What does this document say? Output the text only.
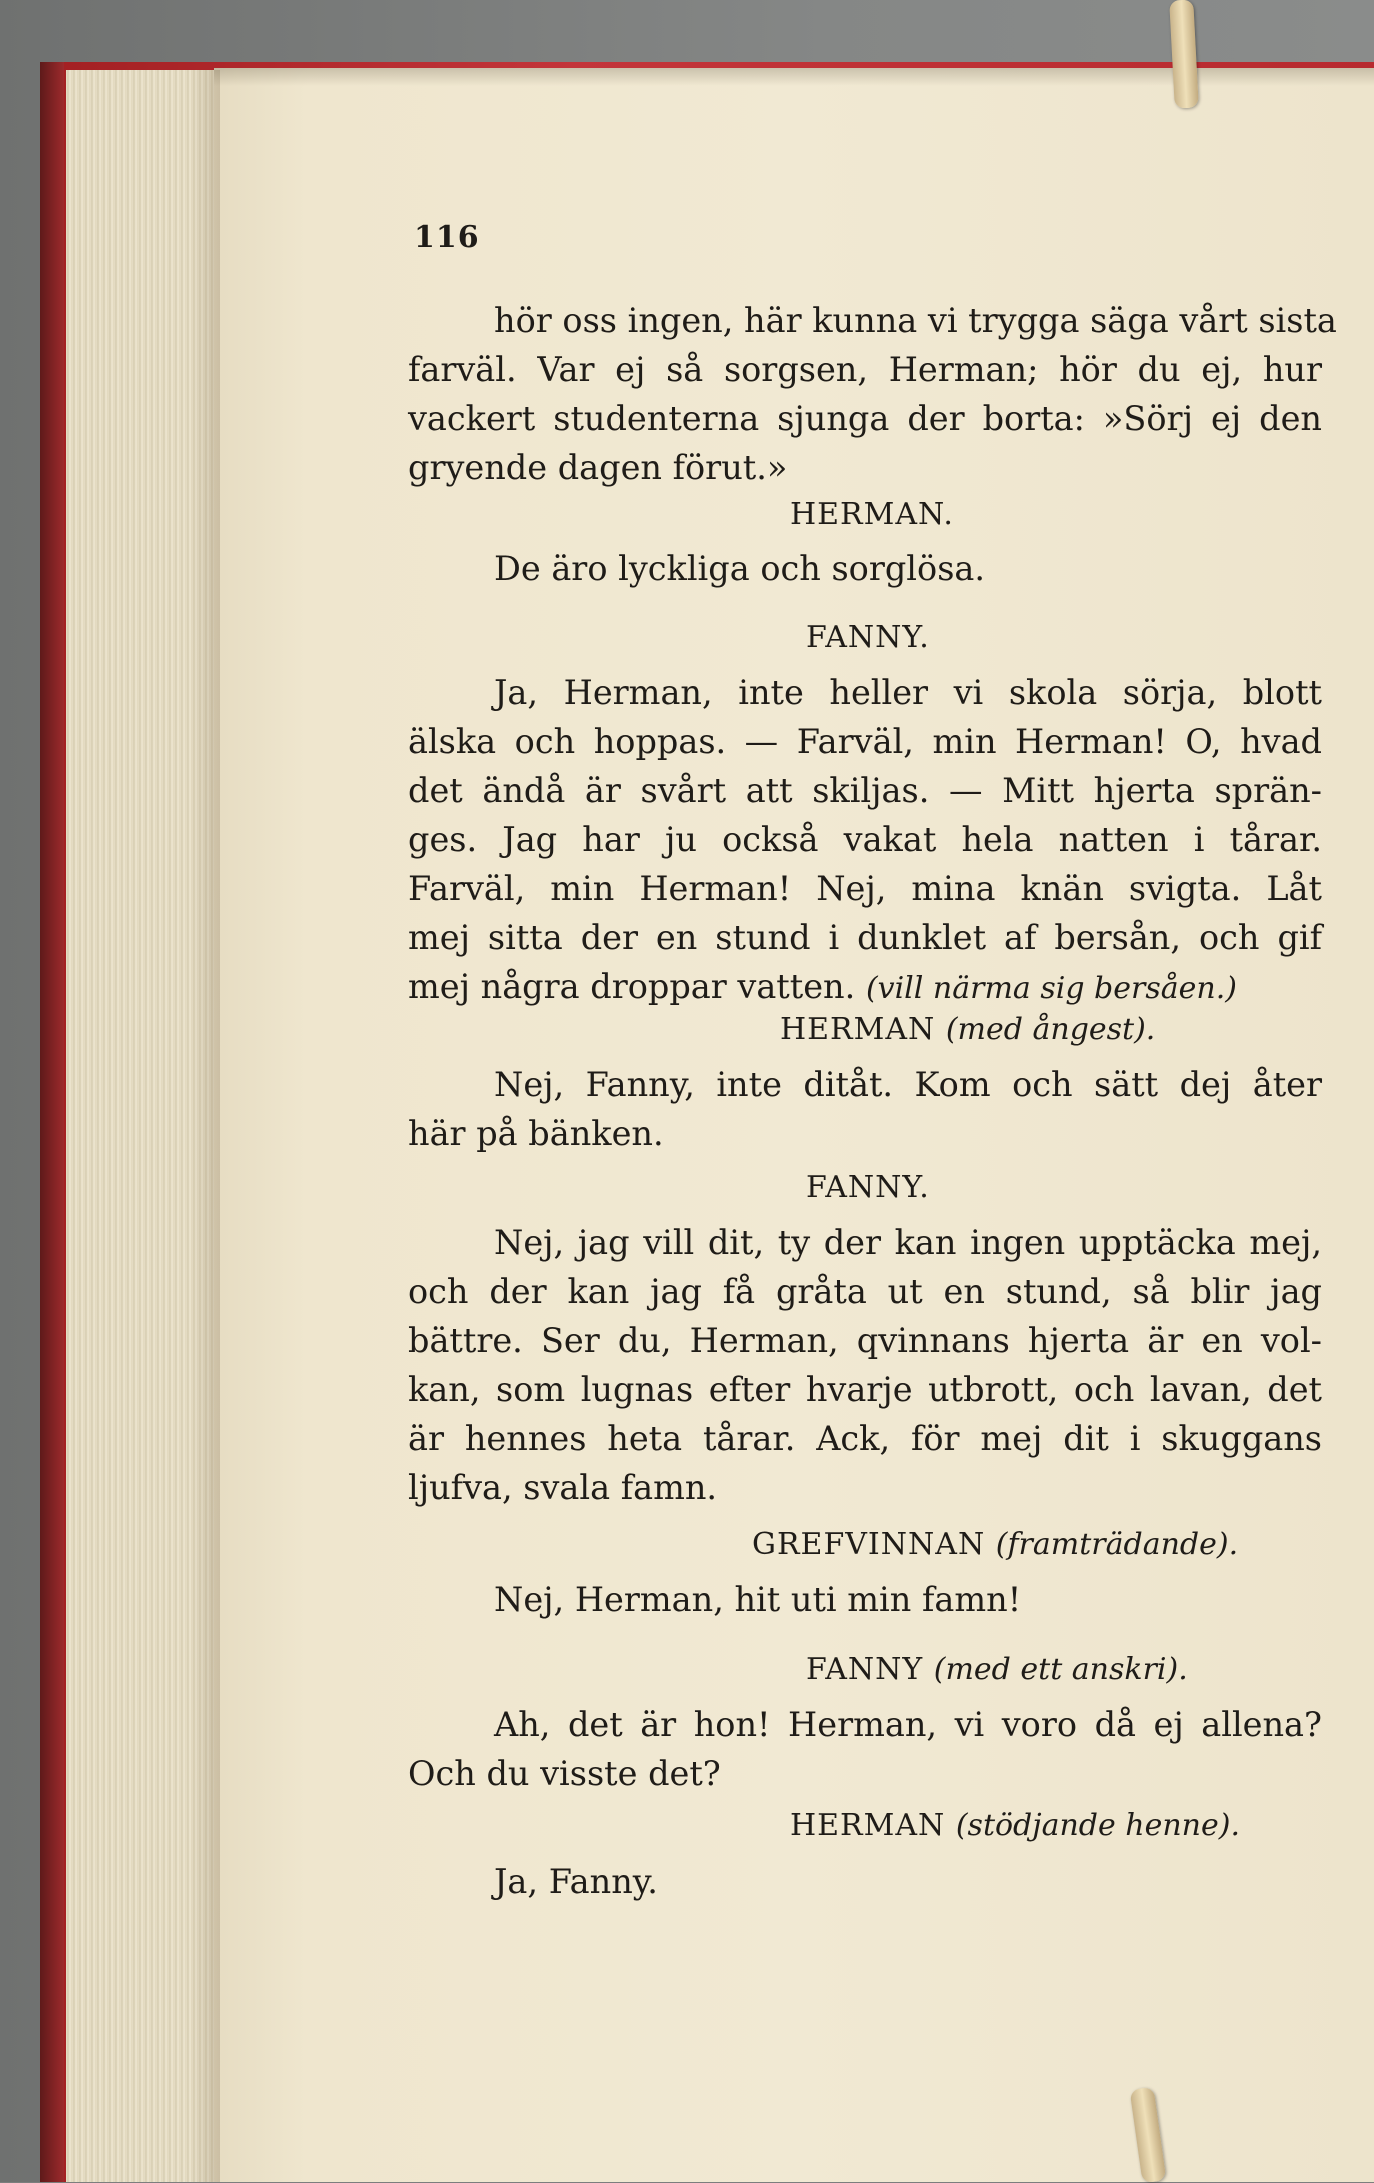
116

hör oss ingen, här kunna vi trygga säga vårt sista
farväl. Var ej så sorgsen, Herman; hör du ej, hur
vackert studenterna sjunga der borta: »Sörj ej den
gryende dagen förut.»
HERMAN.
De äro lyckliga och sorglösa.
FANNY.
Ja, Herman, inte heller vi skola sörja, blott
älska och hoppas. — Farväl, min Herman! O, hvad
det ändå är svårt att skiljas. — Mitt hjerta sprän-
ges. Jag har ju också vakat hela natten i tårar.
Farväl, min Herman! Nej, mina knän svigta. Låt
mej sitta der en stund i dunklet af bersån, och gif
mej några droppar vatten. (vill närma sig bersåen.)
HERMAN (med ångest).
Nej, Fanny, inte ditåt. Kom och sätt dej åter
här på bänken.
FANNY.
Nej, jag vill dit, ty der kan ingen upptäcka mej,
och der kan jag få gråta ut en stund, så blir jag
bättre. Ser du, Herman, qvinnans hjerta är en vol-
kan, som lugnas efter hvarje utbrott, och lavan, det
är hennes heta tårar. Ack, för mej dit i skuggans
ljufva, svala famn.
GREFVINNAN (framträdande).
Nej, Herman, hit uti min famn!
FANNY (med ett anskri).
Ah, det är hon! Herman, vi voro då ej allena?
Och du visste det?
HERMAN (stödjande henne).
Ja, Fanny.
